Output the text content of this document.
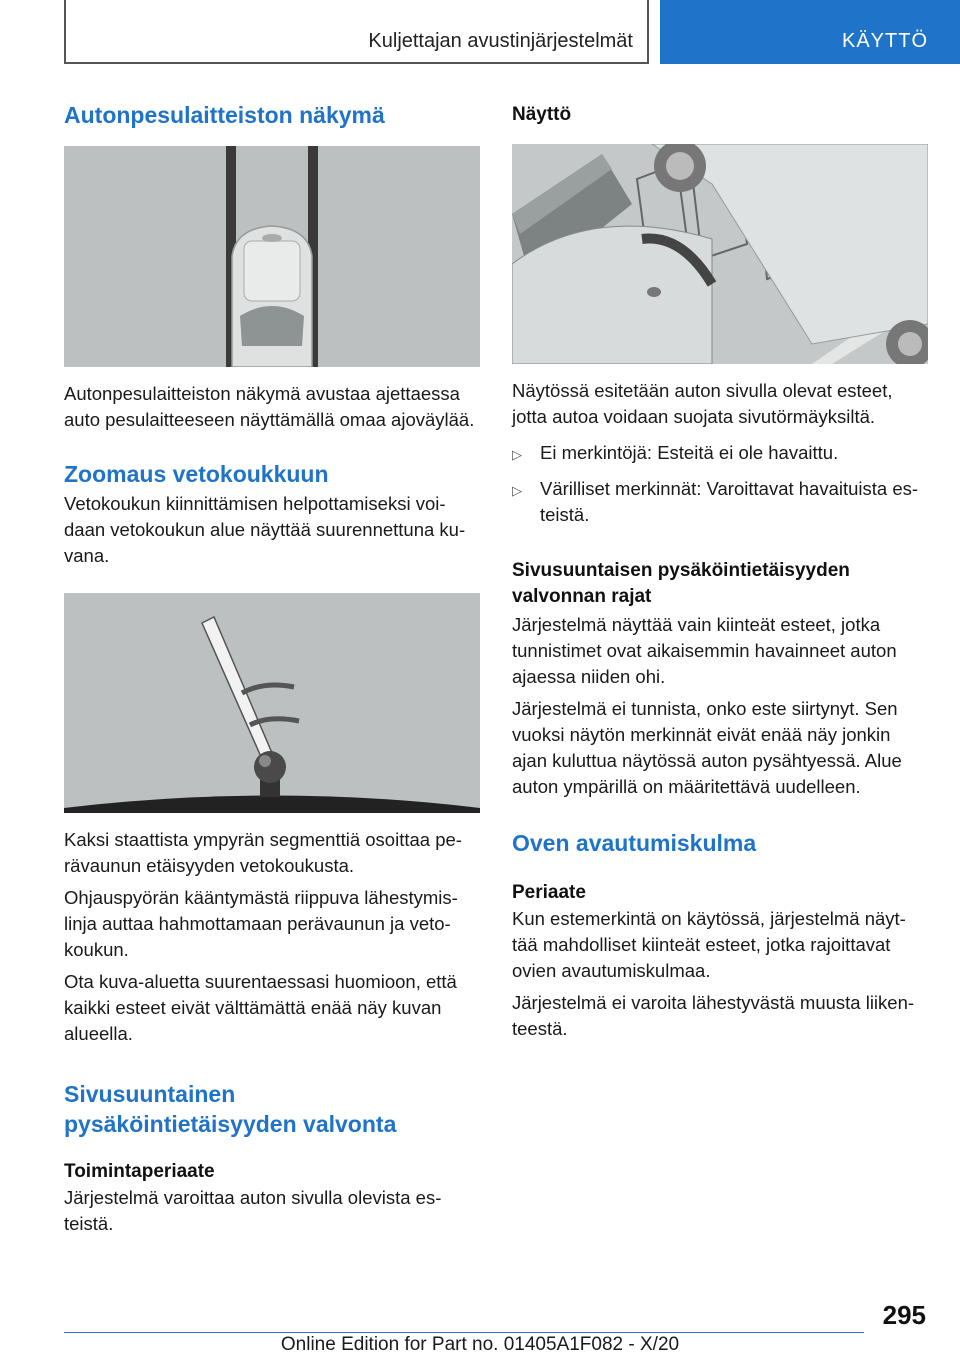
Kuljettajan avustinjärjestelmät	KÄYTTÖ
Autonpesulaitteiston näkymä

Autonpesulaitteiston näkymä avustaa ajettaessa

auto pesulaitteeseen näyttämällä omaa ajoväylää.

Zoomaus vetokoukkuun

Vetokoukun kiinnittämisen helpottamiseksi voi-

daan vetokoukun alue näyttää suurennettuna ku-

vana.

Kaksi staattista ympyrän segmenttiä osoittaa pe-

rävaunun etäisyyden vetokoukusta.

Ohjauspyörän kääntymästä riippuva lähestymis-

linja auttaa hahmottamaan perävaunun ja veto-

koukun.

Ota kuva-aluetta suurentaessasi huomioon, että

kaikki esteet eivät välttämättä enää näy kuvan

alueella.

Sivusuuntainen
pysäköintietäisyyden valvonta
Toimintaperiaate

Järjestelmä varoittaa auton sivulla olevista es-

teistä.

Näyttö

Näytössä esitetään auton sivulla olevat esteet,

jotta autoa voidaan suojata sivutörmäyksiltä.

▷ Ei merkintöjä: Esteitä ei ole havaittu.

▷ Värilliset merkinnät: Varoittavat havaituista es-

teistä.

Sivusuuntaisen pysäköintietäisyyden
valvonnan rajat

Järjestelmä näyttää vain kiinteät esteet, jotka

tunnistimet ovat aikaisemmin havainneet auton

ajaessa niiden ohi.

Järjestelmä ei tunnista, onko este siirtynyt. Sen

vuoksi näytön merkinnät eivät enää näy jonkin

ajan kuluttua näytössä auton pysähtyessä. Alue

auton ympärillä on määritettävä uudelleen.

Oven avautumiskulma
Periaate

Kun estemerkintä on käytössä, järjestelmä näyt-

tää mahdolliset kiinteät esteet, jotka rajoittavat

ovien avautumiskulmaa.

Järjestelmä ei varoita lähestyvästä muusta liiken-

teestä.

295
Online Edition for Part no. 01405A1F082 - X/20
